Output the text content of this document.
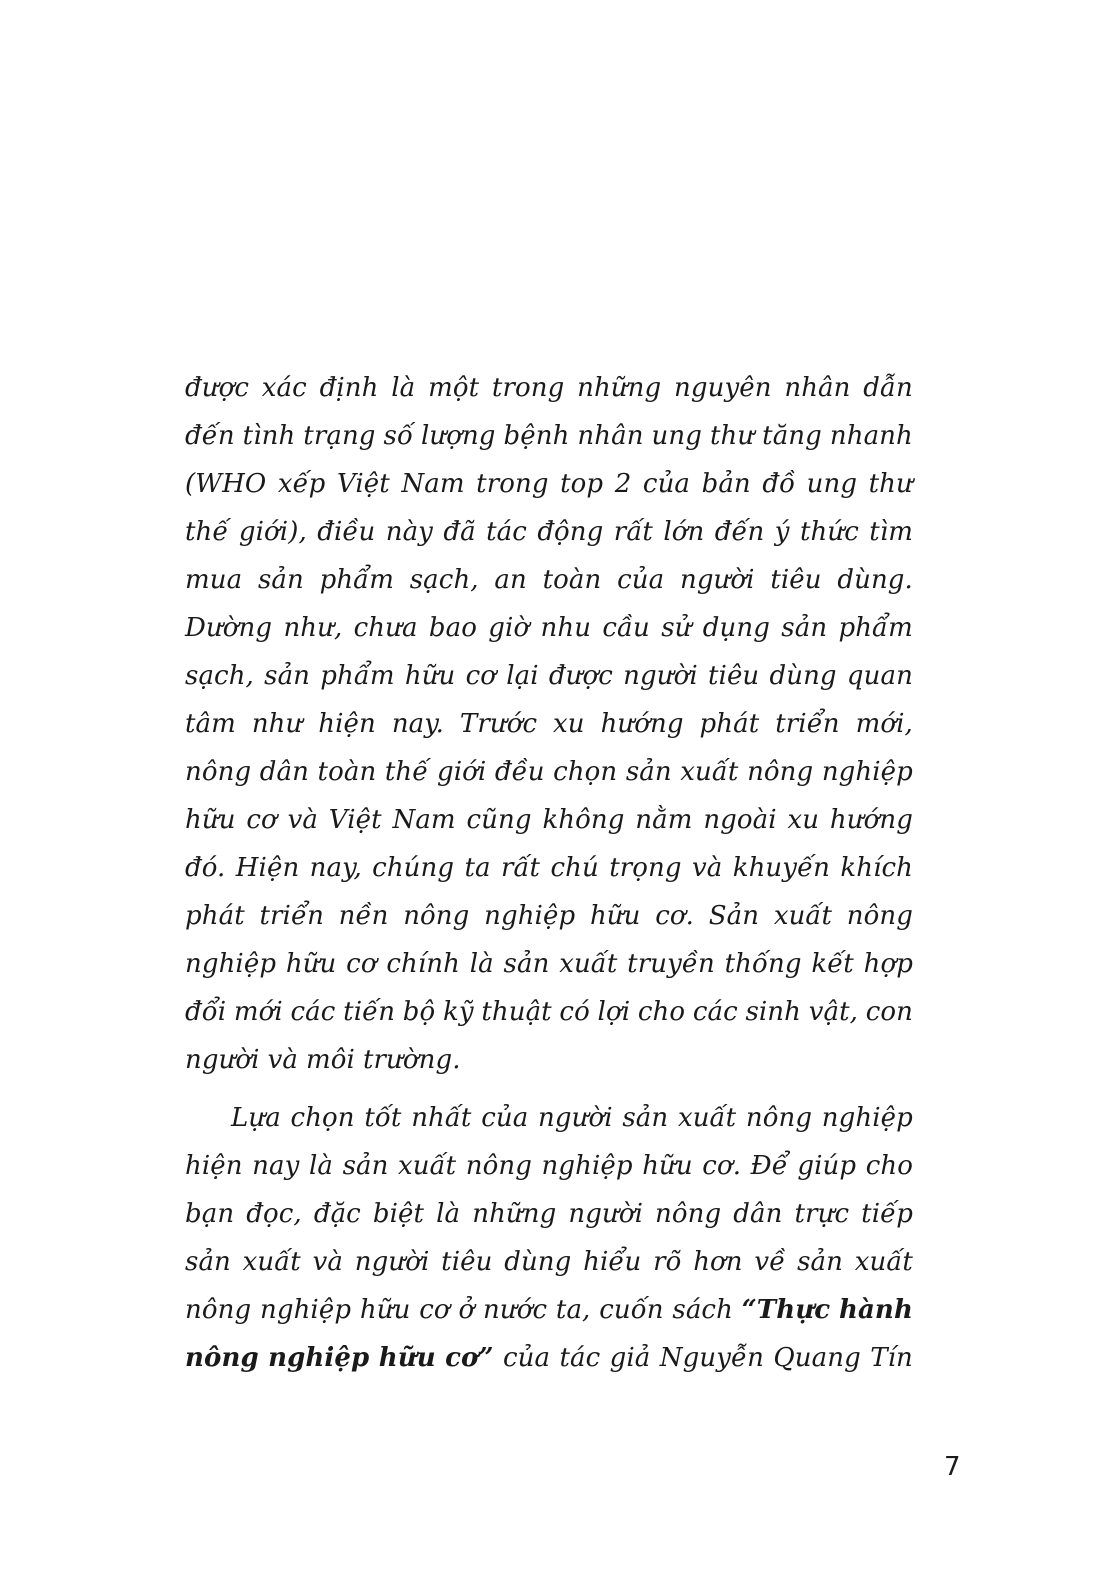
được xác định là một trong những nguyên nhân dẫn
đến tình trạng số lượng bệnh nhân ung thư tăng nhanh
(WHO xếp Việt Nam trong top 2 của bản đồ ung thư
thế giới), điều này đã tác động rất lớn đến ý thức tìm
mua sản phẩm sạch, an toàn của người tiêu dùng.
Dường như, chưa bao giờ nhu cầu sử dụng sản phẩm
sạch, sản phẩm hữu cơ lại được người tiêu dùng quan
tâm như hiện nay. Trước xu hướng phát triển mới,
nông dân toàn thế giới đều chọn sản xuất nông nghiệp
hữu cơ và Việt Nam cũng không nằm ngoài xu hướng
đó. Hiện nay, chúng ta rất chú trọng và khuyến khích
phát triển nền nông nghiệp hữu cơ. Sản xuất nông
nghiệp hữu cơ chính là sản xuất truyền thống kết hợp
đổi mới các tiến bộ kỹ thuật có lợi cho các sinh vật, con
người và môi trường.
Lựa chọn tốt nhất của người sản xuất nông nghiệp
hiện nay là sản xuất nông nghiệp hữu cơ. Để giúp cho
bạn đọc, đặc biệt là những người nông dân trực tiếp
sản xuất và người tiêu dùng hiểu rõ hơn về sản xuất
nông nghiệp hữu cơ ở nước ta, cuốn sách “Thực hành
nông nghiệp hữu cơ” của tác giả Nguyễn Quang Tín
7
